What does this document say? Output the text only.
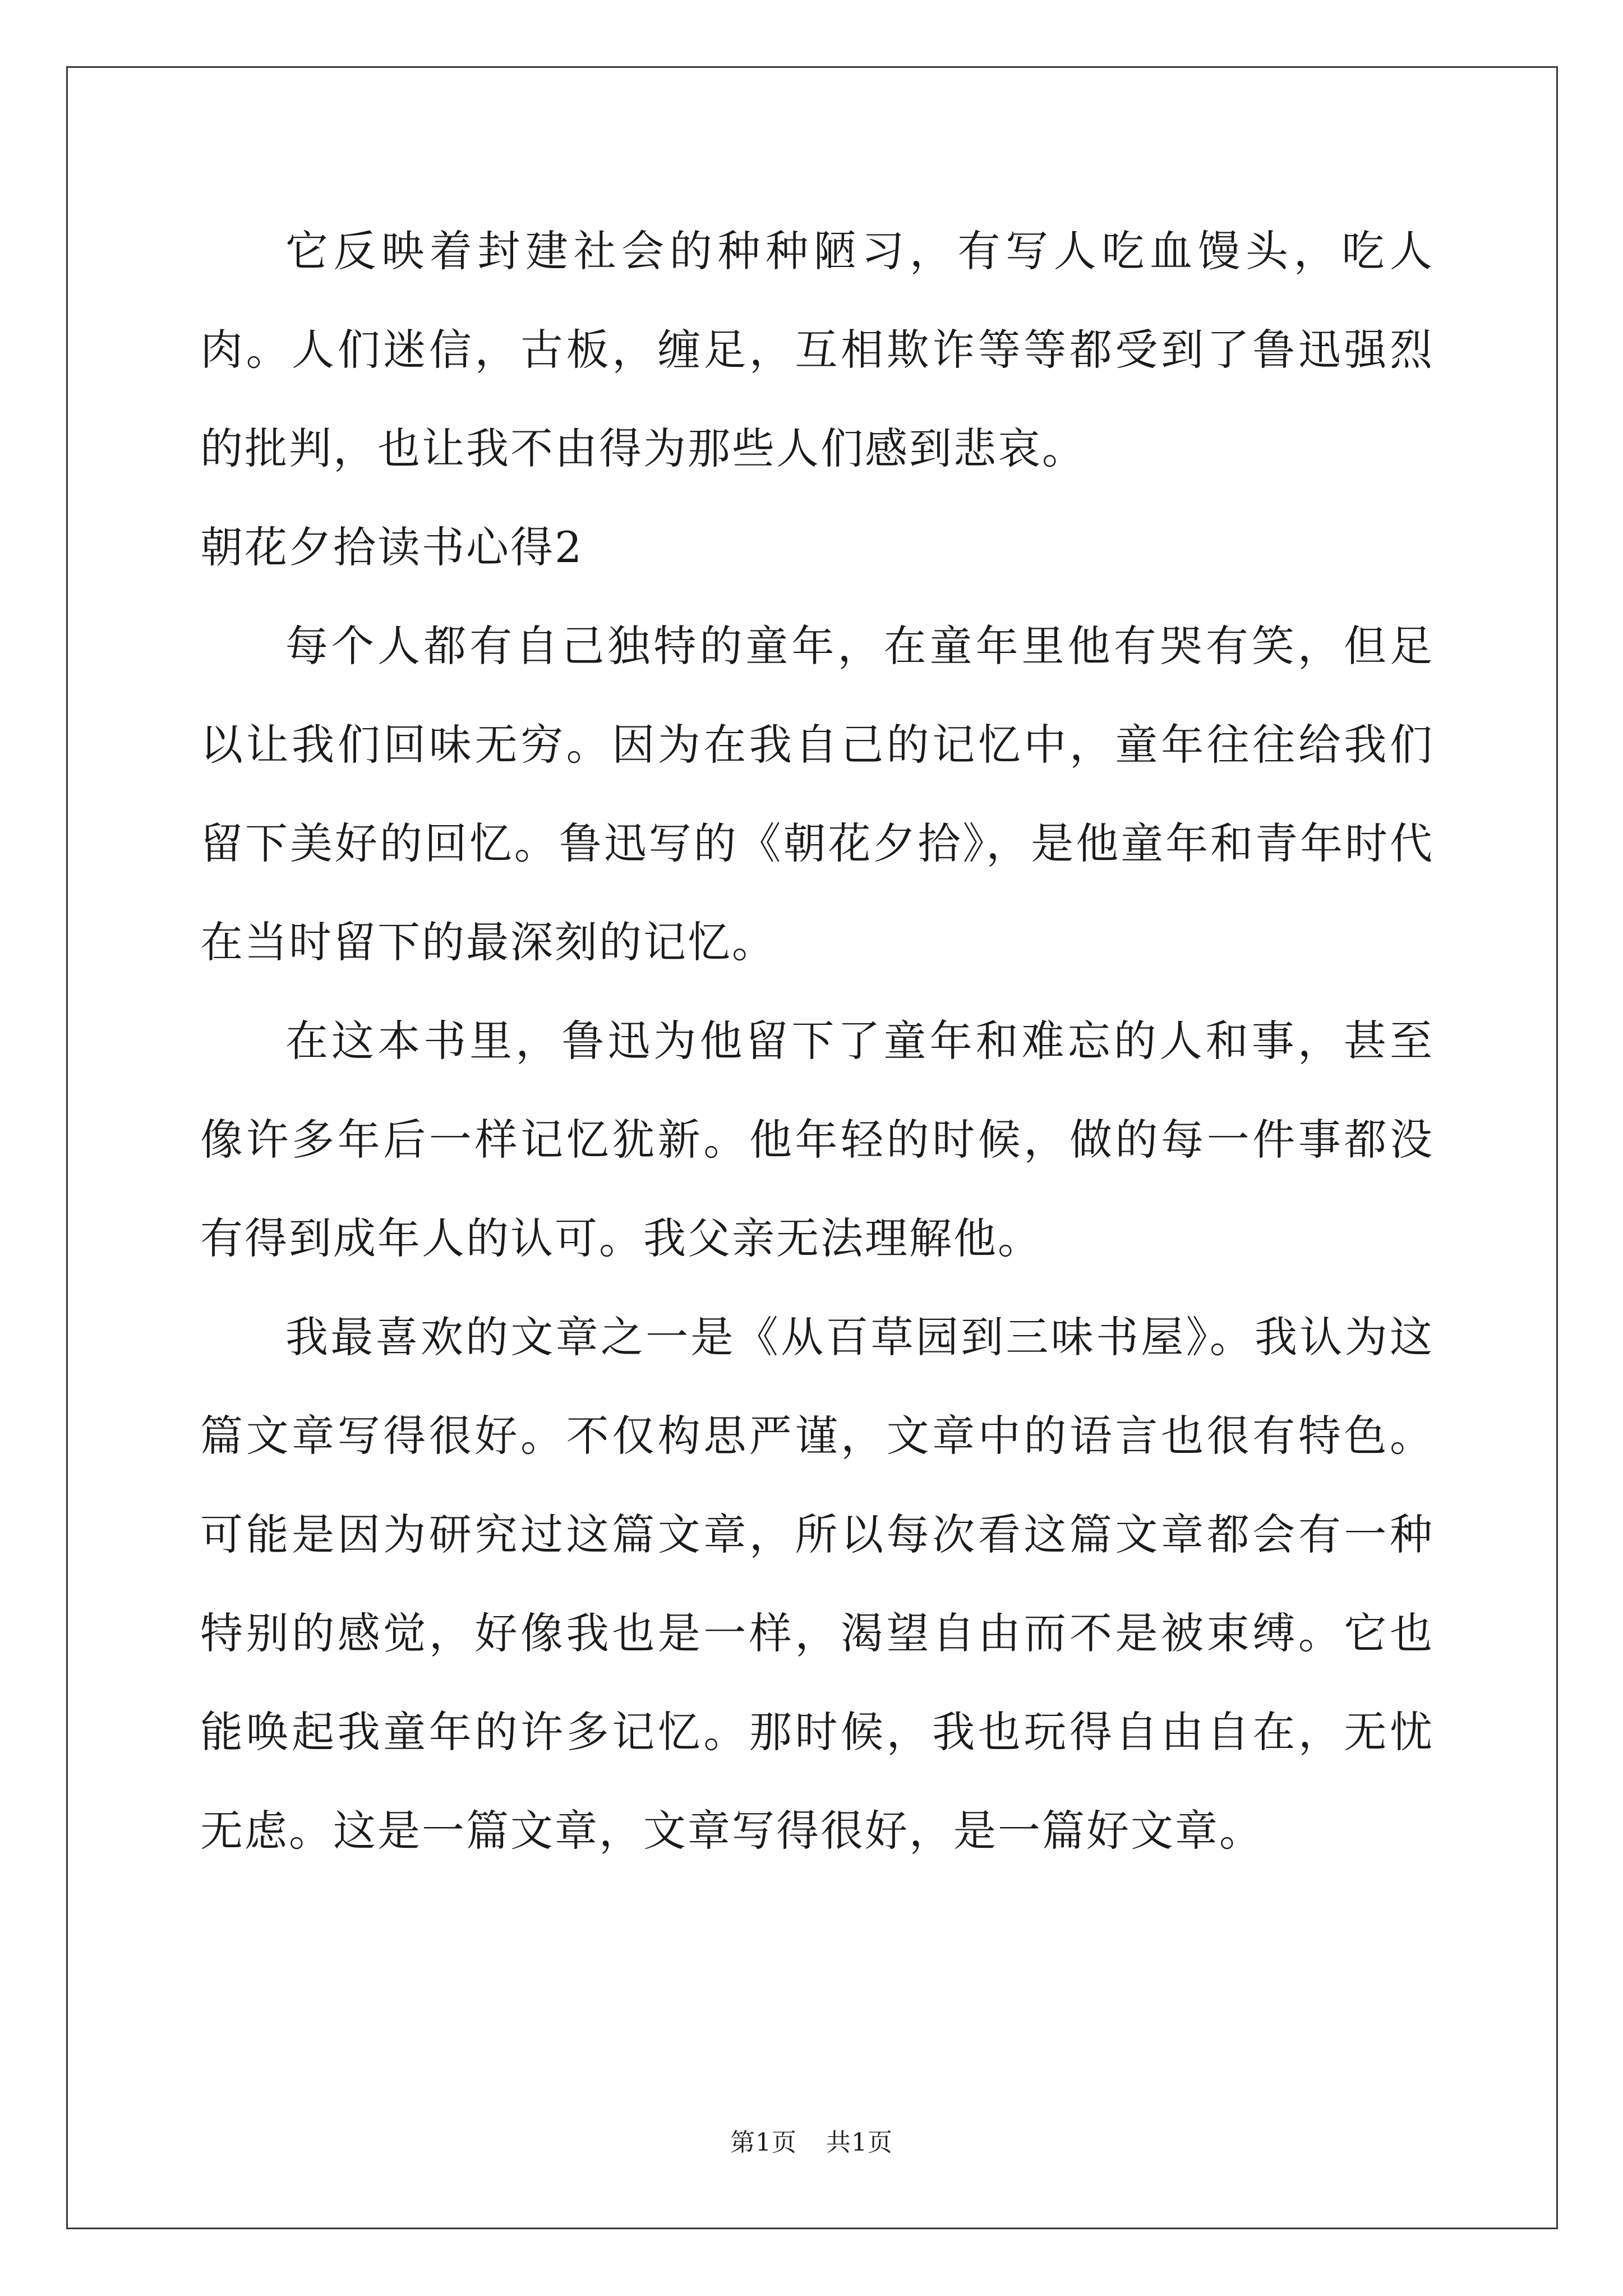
它反映着封建社会的种种陋习，有写人吃血馒头，吃人肉。人们迷信，古板，缠足，互相欺诈等等都受到了鲁迅强烈的批判，也让我不由得为那些人们感到悲哀。

朝花夕拾读书心得2

每个人都有自己独特的童年，在童年里他有哭有笑，但足以让我们回味无穷。因为在我自己的记忆中，童年往往给我们留下美好的回忆。鲁迅写的《朝花夕拾》，是他童年和青年时代在当时留下的最深刻的记忆。

在这本书里，鲁迅为他留下了童年和难忘的人和事，甚至像许多年后一样记忆犹新。他年轻的时候，做的每一件事都没有得到成年人的认可。我父亲无法理解他。

我最喜欢的文章之一是《从百草园到三味书屋》。我认为这篇文章写得很好。不仅构思严谨，文章中的语言也很有特色。可能是因为研究过这篇文章，所以每次看这篇文章都会有一种特别的感觉，好像我也是一样，渴望自由而不是被束缚。它也能唤起我童年的许多记忆。那时候，我也玩得自由自在，无忧无虑。这是一篇文章，文章写得很好，是一篇好文章。

第1页 共1页
